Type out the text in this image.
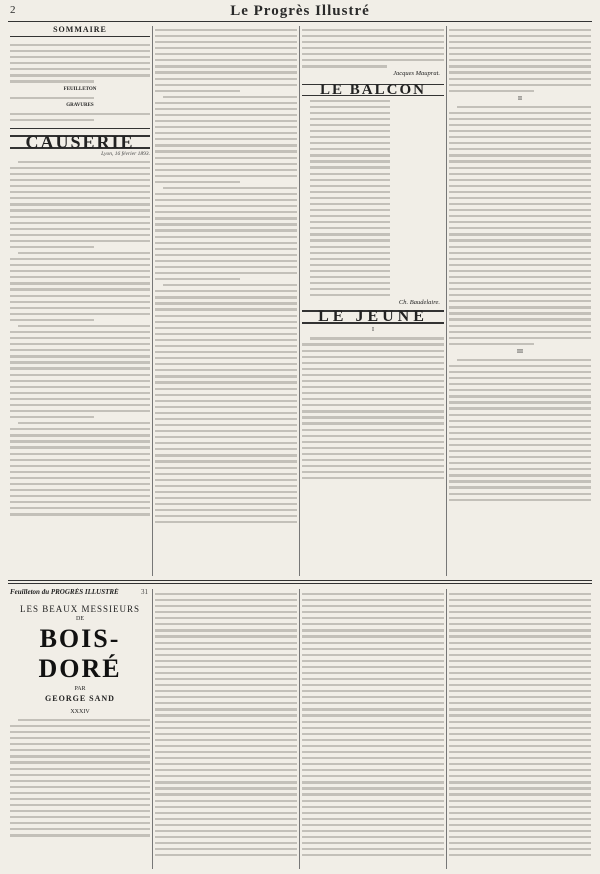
2	Le Progrès Illustré
SOMMAIRE
FEUILLETON
GRAVURES
CAUSERIE
Lyon, 16 février 1893.
Jacques Mauprat.
LE BALCON
Ch. Baudelaire.
LE JEUNE
I
II
III
Feuilleton du PROGRÈS ILLUSTRÉ	31
LES BEAUX MESSIEURS
DE
BOIS-DORÉ
PAR
GEORGE SAND
XXXIV
